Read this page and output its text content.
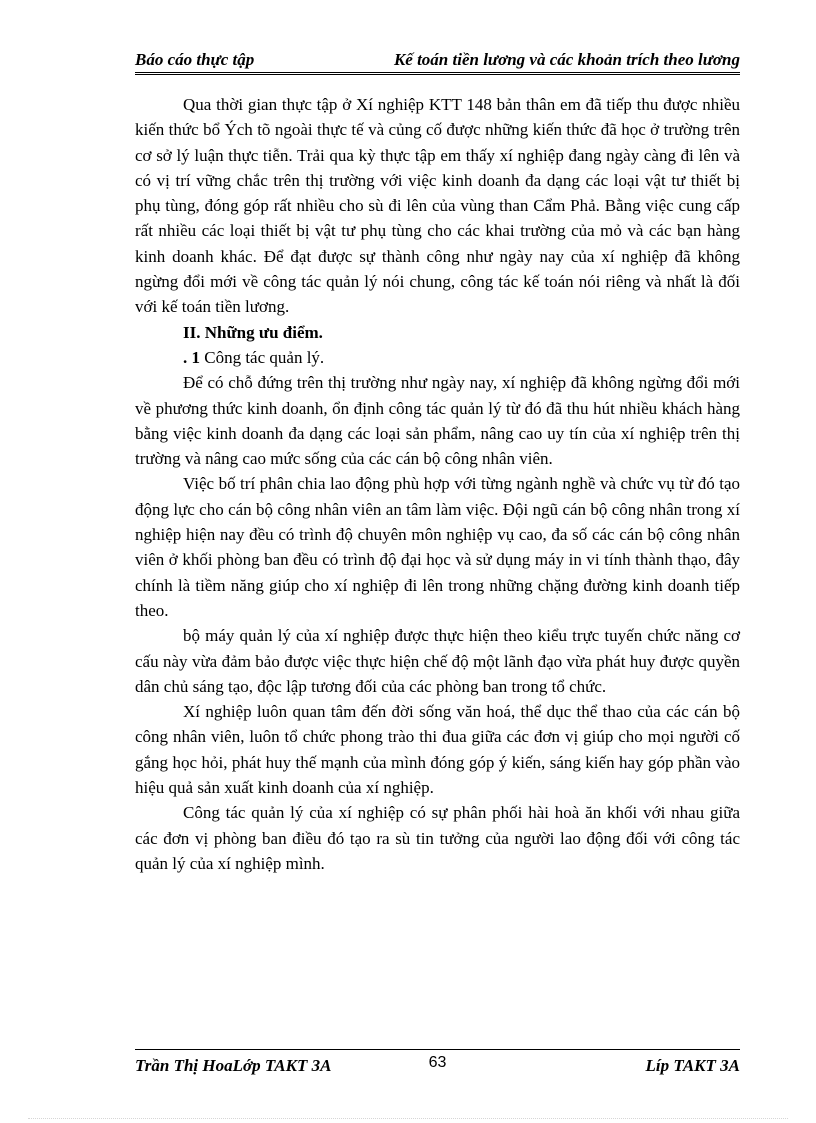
Báo cáo thực tập	Kế toán tiền lương và các khoản trích theo lương

Qua thời gian thực tập ở Xí nghiệp KTT 148 bản thân em đã tiếp thu được nhiều kiến thức bổ Ých tõ ngoài thực tế và củng cố được những kiến thức đã học ở trường trên cơ sở lý luận thực tiễn. Trải qua kỳ thực tập em thấy xí nghiệp đang ngày càng đi lên và có vị trí vững chắc trên thị trường với việc kinh doanh đa dạng các loại vật tư thiết bị phụ tùng, đóng góp rất nhiều cho sù đi lên của vùng than Cẩm Phả. Bằng việc cung cấp rất nhiều các loại thiết bị vật tư phụ tùng cho các khai trường của mỏ và các bạn hàng kinh doanh khác. Để đạt được sự thành công như ngày nay của xí nghiệp đã không ngừng đổi mới về công tác quản lý nói chung, công tác kế toán nói riêng và nhất là đối với kế toán tiền lương.

II. Những ưu điểm.

. 1 Công tác quản lý.

Để có chỗ đứng trên thị trường như ngày nay, xí nghiệp đã không ngừng đổi mới về phương thức kinh doanh, ổn định công tác quản lý từ đó đã thu hút nhiều khách hàng bằng việc kinh doanh đa dạng các loại sản phẩm, nâng cao uy tín của xí nghiệp trên thị trường và nâng cao mức sống của các cán bộ công nhân viên.

Việc bố trí phân chia lao động phù hợp với từng ngành nghề và chức vụ từ đó tạo động lực cho cán bộ công nhân viên an tâm làm việc. Đội ngũ cán bộ công nhân trong xí nghiệp hiện nay đều có trình độ chuyên môn nghiệp vụ cao, đa số các cán bộ công nhân viên ở khối phòng ban đều có trình độ đại học và sử dụng máy in vi tính thành thạo, đây chính là tiềm năng giúp cho xí nghiệp đi lên trong những chặng đường kinh doanh tiếp theo.

bộ máy quản lý của xí nghiệp được thực hiện theo kiểu trực tuyến chức năng cơ cấu này vừa đảm bảo được việc thực hiện chế độ một lãnh đạo vừa phát huy được quyền dân chủ sáng tạo, độc lập tương đối của các phòng ban trong tổ chức.

Xí nghiệp luôn quan tâm đến đời sống văn hoá, thể dục thể thao của các cán bộ công nhân viên, luôn tổ chức phong trào thi đua giữa các đơn vị giúp cho mọi người cố gắng học hỏi, phát huy thế mạnh của mình đóng góp ý kiến, sáng kiến hay góp phần vào hiệu quả sản xuất kinh doanh của xí nghiệp.

Công tác quản lý của xí nghiệp có sự phân phối hài hoà ăn khối với nhau giữa các đơn vị phòng ban điều đó tạo ra sù tin tưởng của người lao động đối với công tác quản lý của xí nghiệp mình.

Trần Thị HoaLớp TAKT 3A	63	Líp TAKT 3A
